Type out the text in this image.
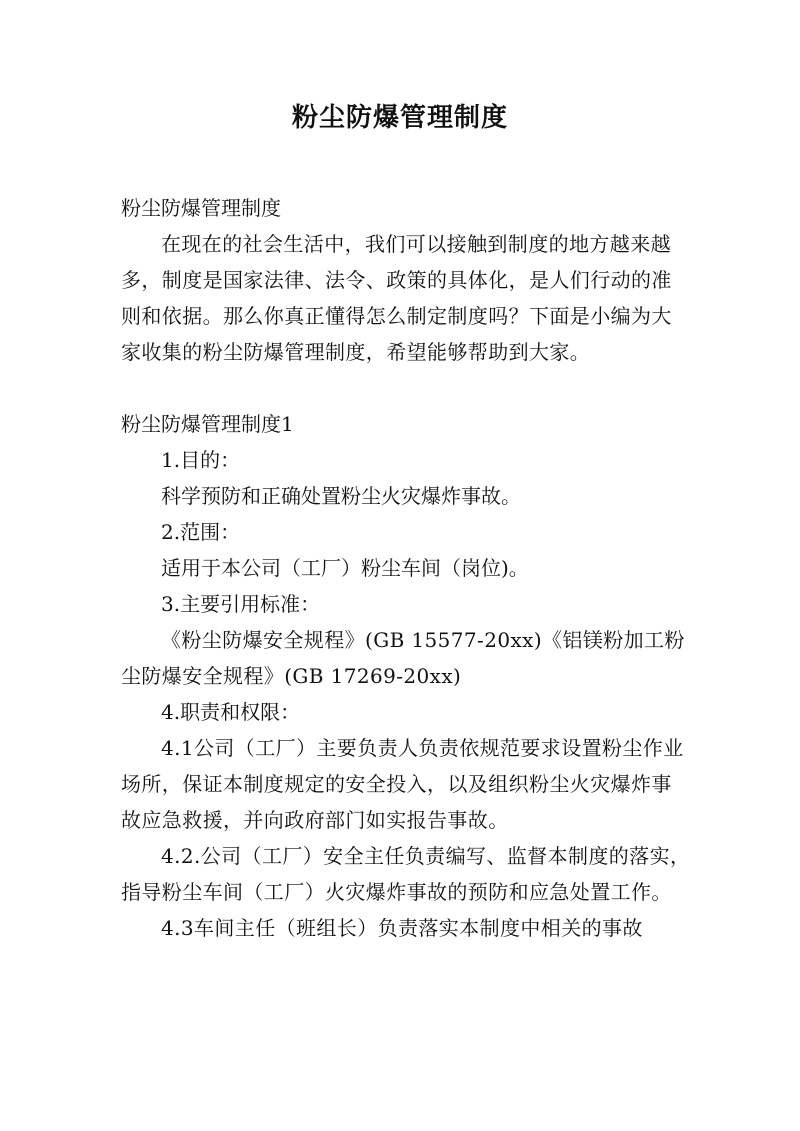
粉尘防爆管理制度

粉尘防爆管理制度

在现在的社会生活中，我们可以接触到制度的地方越来越多，制度是国家法律、法令、政策的具体化，是人们行动的准则和依据。那么你真正懂得怎么制定制度吗？下面是小编为大家收集的粉尘防爆管理制度，希望能够帮助到大家。

粉尘防爆管理制度1

1.目的：

科学预防和正确处置粉尘火灾爆炸事故。

2.范围：

适用于本公司（工厂）粉尘车间（岗位)。

3.主要引用标准：

《粉尘防爆安全规程》(GB 15577-20xx)《铝镁粉加工粉尘防爆安全规程》(GB 17269-20xx)

4.职责和权限：

4.1公司（工厂）主要负责人负责依规范要求设置粉尘作业场所，保证本制度规定的安全投入，以及组织粉尘火灾爆炸事故应急救援，并向政府部门如实报告事故。

4.2.公司（工厂）安全主任负责编写、监督本制度的落实，指导粉尘车间（工厂）火灾爆炸事故的预防和应急处置工作。

4.3车间主任（班组长）负责落实本制度中相关的事故
